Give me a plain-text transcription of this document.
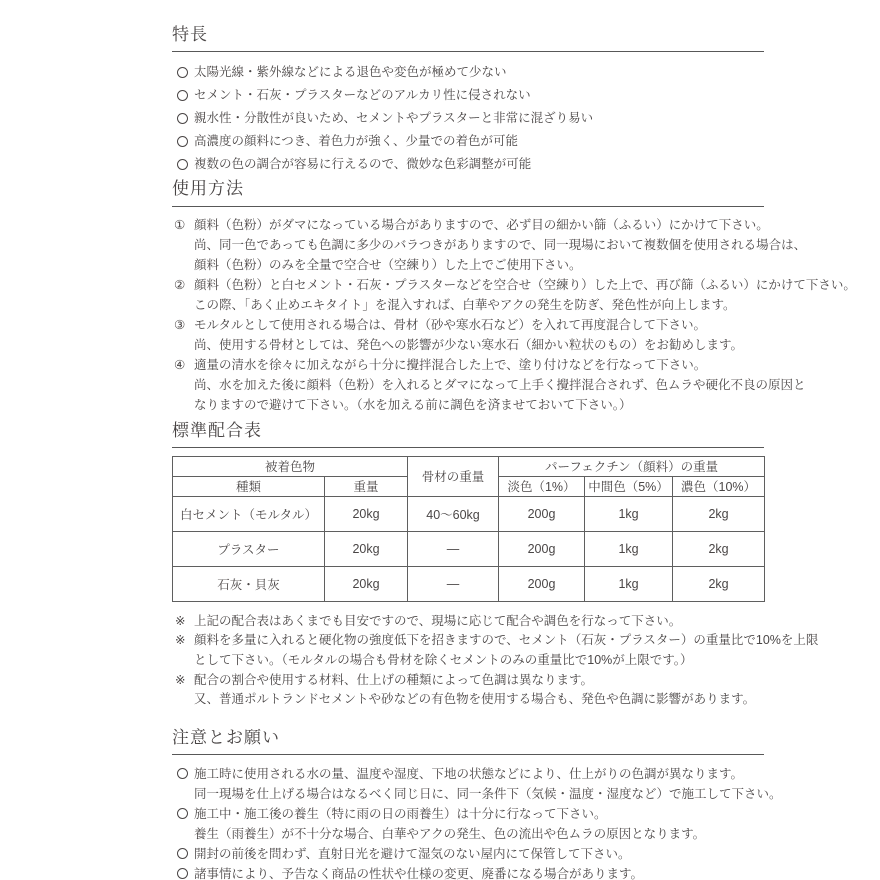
特長
太陽光線・紫外線などによる退色や変色が極めて少ない
セメント・石灰・プラスターなどのアルカリ性に侵されない
親水性・分散性が良いため、セメントやプラスターと非常に混ざり易い
高濃度の顔料につき、着色力が強く、少量での着色が可能
複数の色の調合が容易に行えるので、微妙な色彩調整が可能
使用方法
① 顔料（色粉）がダマになっている場合がありますので、必ず目の細かい篩（ふるい）にかけて下さい。
尚、同一色であっても色調に多少のバラつきがありますので、同一現場において複数個を使用される場合は、
顔料（色粉）のみを全量で空合せ（空練り）した上でご使用下さい。
② 顔料（色粉）と白セメント・石灰・プラスターなどを空合せ（空練り）した上で、再び篩（ふるい）にかけて下さい。
この際、「あく止めエキタイト」を混入すれば、白華やアクの発生を防ぎ、発色性が向上します。
③ モルタルとして使用される場合は、骨材（砂や寒水石など）を入れて再度混合して下さい。
尚、使用する骨材としては、発色への影響が少ない寒水石（細かい粒状のもの）をお勧めします。
④ 適量の清水を徐々に加えながら十分に攪拌混合した上で、塗り付けなどを行なって下さい。
尚、水を加えた後に顔料（色粉）を入れるとダマになって上手く攪拌混合されず、色ムラや硬化不良の原因と
なりますので避けて下さい。（水を加える前に調色を済ませておいて下さい。）
標準配合表
被着色物		骨材の重量	パーフェクチン（顔料）の重量		
種類	重量		淡色（1%）	中間色（5%）	濃色（10%）
白セメント（モルタル）	20kg	40〜60kg	200g	1kg	2kg
プラスター	20kg	—	200g	1kg	2kg
石灰・貝灰	20kg	—	200g	1kg	2kg
※ 上記の配合表はあくまでも目安ですので、現場に応じて配合や調色を行なって下さい。
※ 顔料を多量に入れると硬化物の強度低下を招きますので、セメント（石灰・プラスター）の重量比で10%を上限
として下さい。（モルタルの場合も骨材を除くセメントのみの重量比で10%が上限です。）
※ 配合の割合や使用する材料、仕上げの種類によって色調は異なります。
又、普通ポルトランドセメントや砂などの有色物を使用する場合も、発色や色調に影響があります。
注意とお願い
施工時に使用される水の量、温度や湿度、下地の状態などにより、仕上がりの色調が異なります。
同一現場を仕上げる場合はなるべく同じ日に、同一条件下（気候・温度・湿度など）で施工して下さい。
施工中・施工後の養生（特に雨の日の雨養生）は十分に行なって下さい。
養生（雨養生）が不十分な場合、白華やアクの発生、色の流出や色ムラの原因となります。
開封の前後を問わず、直射日光を避けて湿気のない屋内にて保管して下さい。
諸事情により、予告なく商品の性状や仕様の変更、廃番になる場合があります。
